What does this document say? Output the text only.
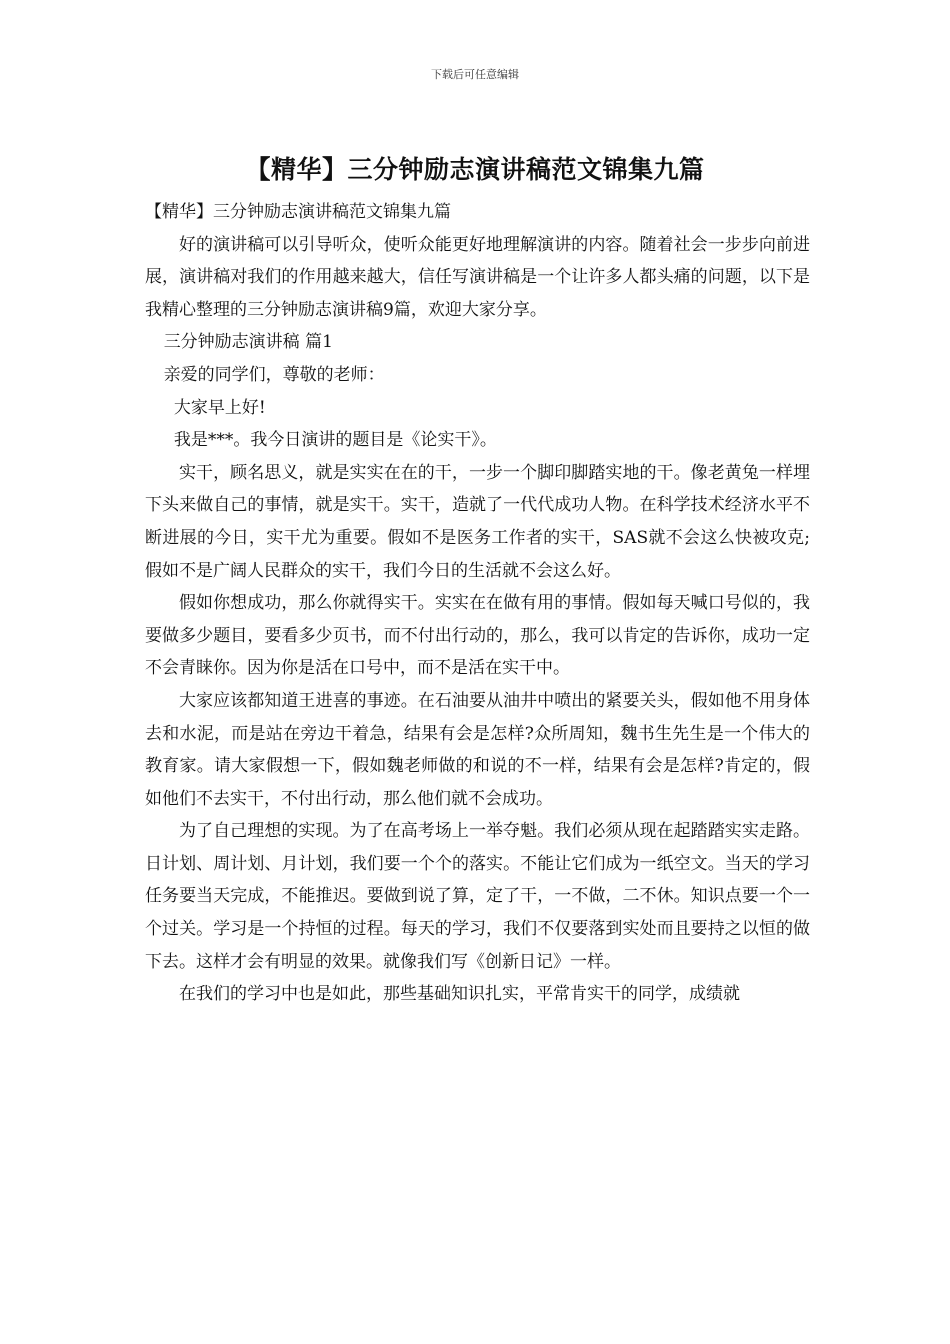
下载后可任意编辑
【精华】三分钟励志演讲稿范文锦集九篇

【精华】三分钟励志演讲稿范文锦集九篇

好的演讲稿可以引导听众，使听众能更好地理解演讲的内容。随着社会一步步向前进展，演讲稿对我们的作用越来越大，信任写演讲稿是一个让许多人都头痛的问题，以下是我精心整理的三分钟励志演讲稿9篇，欢迎大家分享。

三分钟励志演讲稿 篇1

亲爱的同学们，尊敬的老师：

大家早上好!

我是***。我今日演讲的题目是《论实干》。

实干，顾名思义，就是实实在在的干，一步一个脚印脚踏实地的干。像老黄兔一样埋下头来做自己的事情，就是实干。实干，造就了一代代成功人物。在科学技术经济水平不断进展的今日，实干尤为重要。假如不是医务工作者的实干，SAS就不会这么快被攻克;假如不是广阔人民群众的实干，我们今日的生活就不会这么好。

假如你想成功，那么你就得实干。实实在在做有用的事情。假如每天喊口号似的，我要做多少题目，要看多少页书，而不付出行动的，那么，我可以肯定的告诉你，成功一定不会青睐你。因为你是活在口号中，而不是活在实干中。

大家应该都知道王进喜的事迹。在石油要从油井中喷出的紧要关头，假如他不用身体去和水泥，而是站在旁边干着急，结果有会是怎样?众所周知，魏书生先生是一个伟大的教育家。请大家假想一下，假如魏老师做的和说的不一样，结果有会是怎样?肯定的，假如他们不去实干，不付出行动，那么他们就不会成功。

为了自己理想的实现。为了在高考场上一举夺魁。我们必须从现在起踏踏实实走路。日计划、周计划、月计划，我们要一个个的落实。不能让它们成为一纸空文。当天的学习任务要当天完成，不能推迟。要做到说了算，定了干，一不做，二不休。知识点要一个一个过关。学习是一个持恒的过程。每天的学习，我们不仅要落到实处而且要持之以恒的做下去。这样才会有明显的效果。就像我们写《创新日记》一样。

在我们的学习中也是如此，那些基础知识扎实，平常肯实干的同学，成绩就
